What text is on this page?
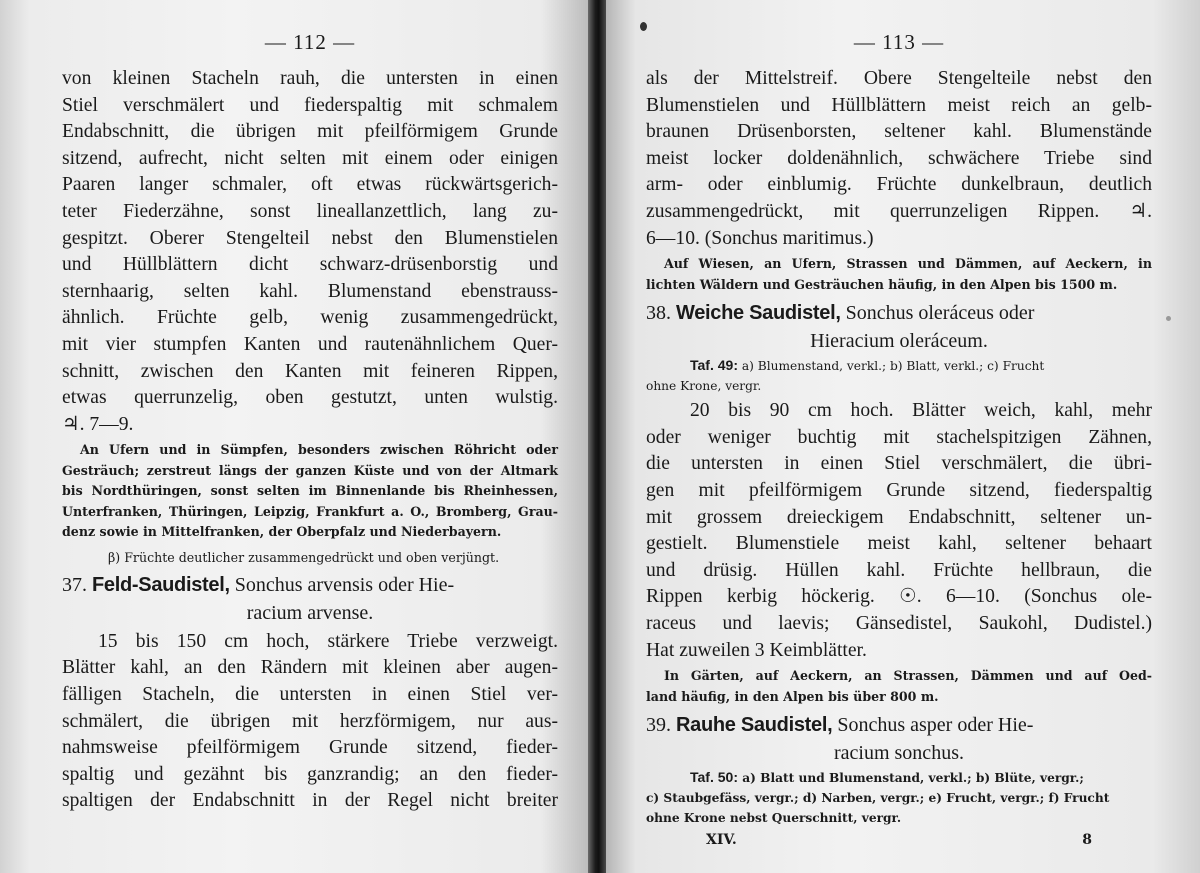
— 112 —
von kleinen Stacheln rauh, die untersten in einen
Stiel verschmälert und fiederspaltig mit schmalem
Endabschnitt, die übrigen mit pfeilförmigem Grunde
sitzend, aufrecht, nicht selten mit einem oder einigen
Paaren langer schmaler, oft etwas rückwärtsgerich-
teter Fiederzähne, sonst lineallanzettlich, lang zu-
gespitzt. Oberer Stengelteil nebst den Blumenstielen
und Hüllblättern dicht schwarz-drüsenborstig und
sternhaarig, selten kahl. Blumenstand ebenstrauss-
ähnlich. Früchte gelb, wenig zusammengedrückt,
mit vier stumpfen Kanten und rautenähnlichem Quer-
schnitt, zwischen den Kanten mit feineren Rippen,
etwas querrunzelig, oben gestutzt, unten wulstig.
♃. 7—9.
An Ufern und in Sümpfen, besonders zwischen Röhricht oder
Gesträuch; zerstreut längs der ganzen Küste und von der Altmark
bis Nordthüringen, sonst selten im Binnenlande bis Rheinhessen,
Unterfranken, Thüringen, Leipzig, Frankfurt a. O., Bromberg, Grau-
denz sowie in Mittelfranken, der Oberpfalz und Niederbayern.
β) Früchte deutlicher zusammengedrückt und oben verjüngt.
37. Feld-Saudistel, Sonchus arvensis oder Hie-
racium arvense.
15 bis 150 cm hoch, stärkere Triebe verzweigt.
Blätter kahl, an den Rändern mit kleinen aber augen-
fälligen Stacheln, die untersten in einen Stiel ver-
schmälert, die übrigen mit herzförmigem, nur aus-
nahmsweise pfeilförmigem Grunde sitzend, fieder-
spaltig und gezähnt bis ganzrandig; an den fieder-
spaltigen der Endabschnitt in der Regel nicht breiter
— 113 —
als der Mittelstreif. Obere Stengelteile nebst den
Blumenstielen und Hüllblättern meist reich an gelb-
braunen Drüsenborsten, seltener kahl. Blumenstände
meist locker doldenähnlich, schwächere Triebe sind
arm- oder einblumig. Früchte dunkelbraun, deutlich
zusammengedrückt, mit querrunzeligen Rippen. ♃.
6—10. (Sonchus maritimus.)
Auf Wiesen, an Ufern, Strassen und Dämmen, auf Aeckern, in
lichten Wäldern und Gesträuchen häufig, in den Alpen bis 1500 m.
38. Weiche Saudistel, Sonchus oleráceus oder
Hieracium oleráceum.
Taf. 49: a) Blumenstand, verkl.; b) Blatt, verkl.; c) Frucht
ohne Krone, vergr.
20 bis 90 cm hoch. Blätter weich, kahl, mehr
oder weniger buchtig mit stachelspitzigen Zähnen,
die untersten in einen Stiel verschmälert, die übri-
gen mit pfeilförmigem Grunde sitzend, fiederspaltig
mit grossem dreieckigem Endabschnitt, seltener un-
gestielt. Blumenstiele meist kahl, seltener behaart
und drüsig. Hüllen kahl. Früchte hellbraun, die
Rippen kerbig höckerig. ☉. 6—10. (Sonchus ole-
raceus und laevis; Gänsedistel, Saukohl, Dudistel.)
Hat zuweilen 3 Keimblätter.
In Gärten, auf Aeckern, an Strassen, Dämmen und auf Oed-
land häufig, in den Alpen bis über 800 m.
39. Rauhe Saudistel, Sonchus asper oder Hie-
racium sonchus.
Taf. 50: a) Blatt und Blumenstand, verkl.; b) Blüte, vergr.;
c) Staubgefäss, vergr.; d) Narben, vergr.; e) Frucht, vergr.; f) Frucht
ohne Krone nebst Querschnitt, vergr.
XIV.	8
